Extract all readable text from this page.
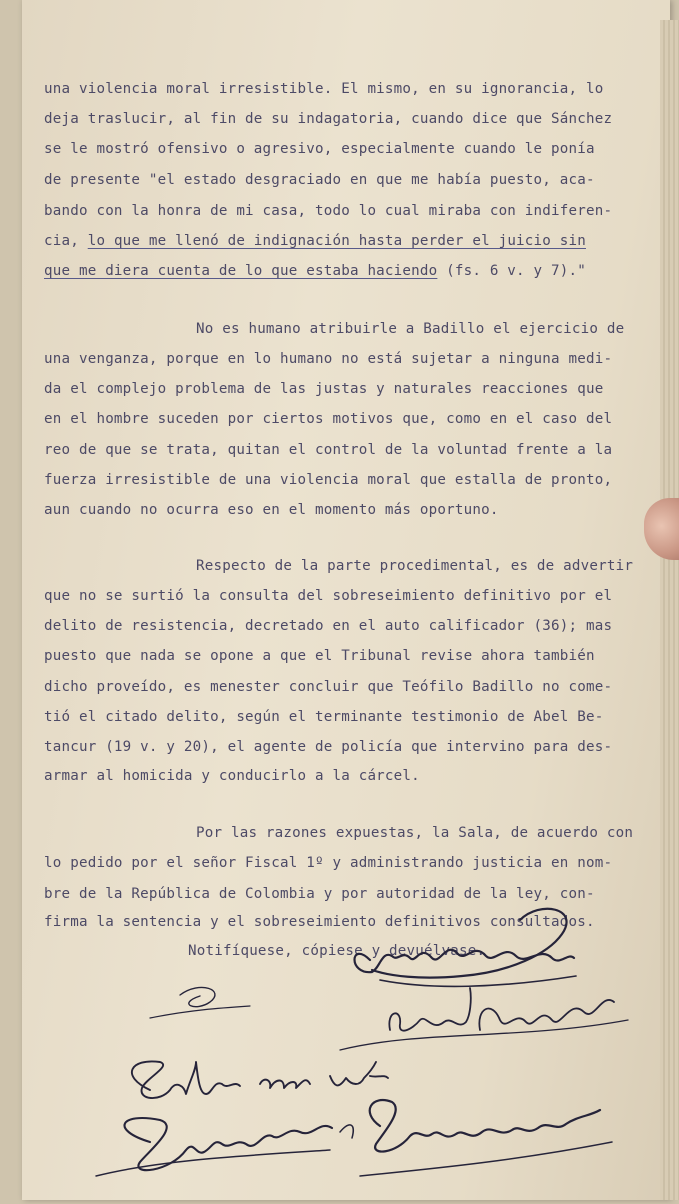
una violencia moral irresistible. El mismo, en su ignorancia, lo

deja traslucir, al fin de su indagatoria, cuando dice que Sánchez

se le mostró ofensivo o agresivo, especialmente cuando le ponía

de presente "el estado desgraciado en que me había puesto, aca-

bando con la honra de mi casa, todo lo cual miraba con indiferen-

cia, lo que me llenó de indignación hasta perder el juicio sin

que me diera cuenta de lo que estaba haciendo (fs. 6 v. y 7)."

No es humano atribuirle a Badillo el ejercicio de

una venganza, porque en lo humano no está sujetar a ninguna medi-

da el complejo problema de las justas y naturales reacciones que

en el hombre suceden por ciertos motivos que, como en el caso del

reo de que se trata, quitan el control de la voluntad frente a la

fuerza irresistible de una violencia moral que estalla de pronto,

aun cuando no ocurra eso en el momento más oportuno.

Respecto de la parte procedimental, es de advertir

que no se surtió la consulta del sobreseimiento definitivo por el

delito de resistencia, decretado en el auto calificador (36); mas

puesto que nada se opone a que el Tribunal revise ahora también

dicho proveído, es menester concluir que Teófilo Badillo no come-

tió el citado delito, según el terminante testimonio de Abel Be-

tancur (19 v. y 20), el agente de policía que intervino para des-

armar al homicida y conducirlo a la cárcel.

Por las razones expuestas, la Sala, de acuerdo con

lo pedido por el señor Fiscal 1º y administrando justicia en nom-

bre de la República de Colombia y por autoridad de la ley, con-

firma la sentencia y el sobreseimiento definitivos consultados.

Notifíquese, cópiese y devuélvase.
